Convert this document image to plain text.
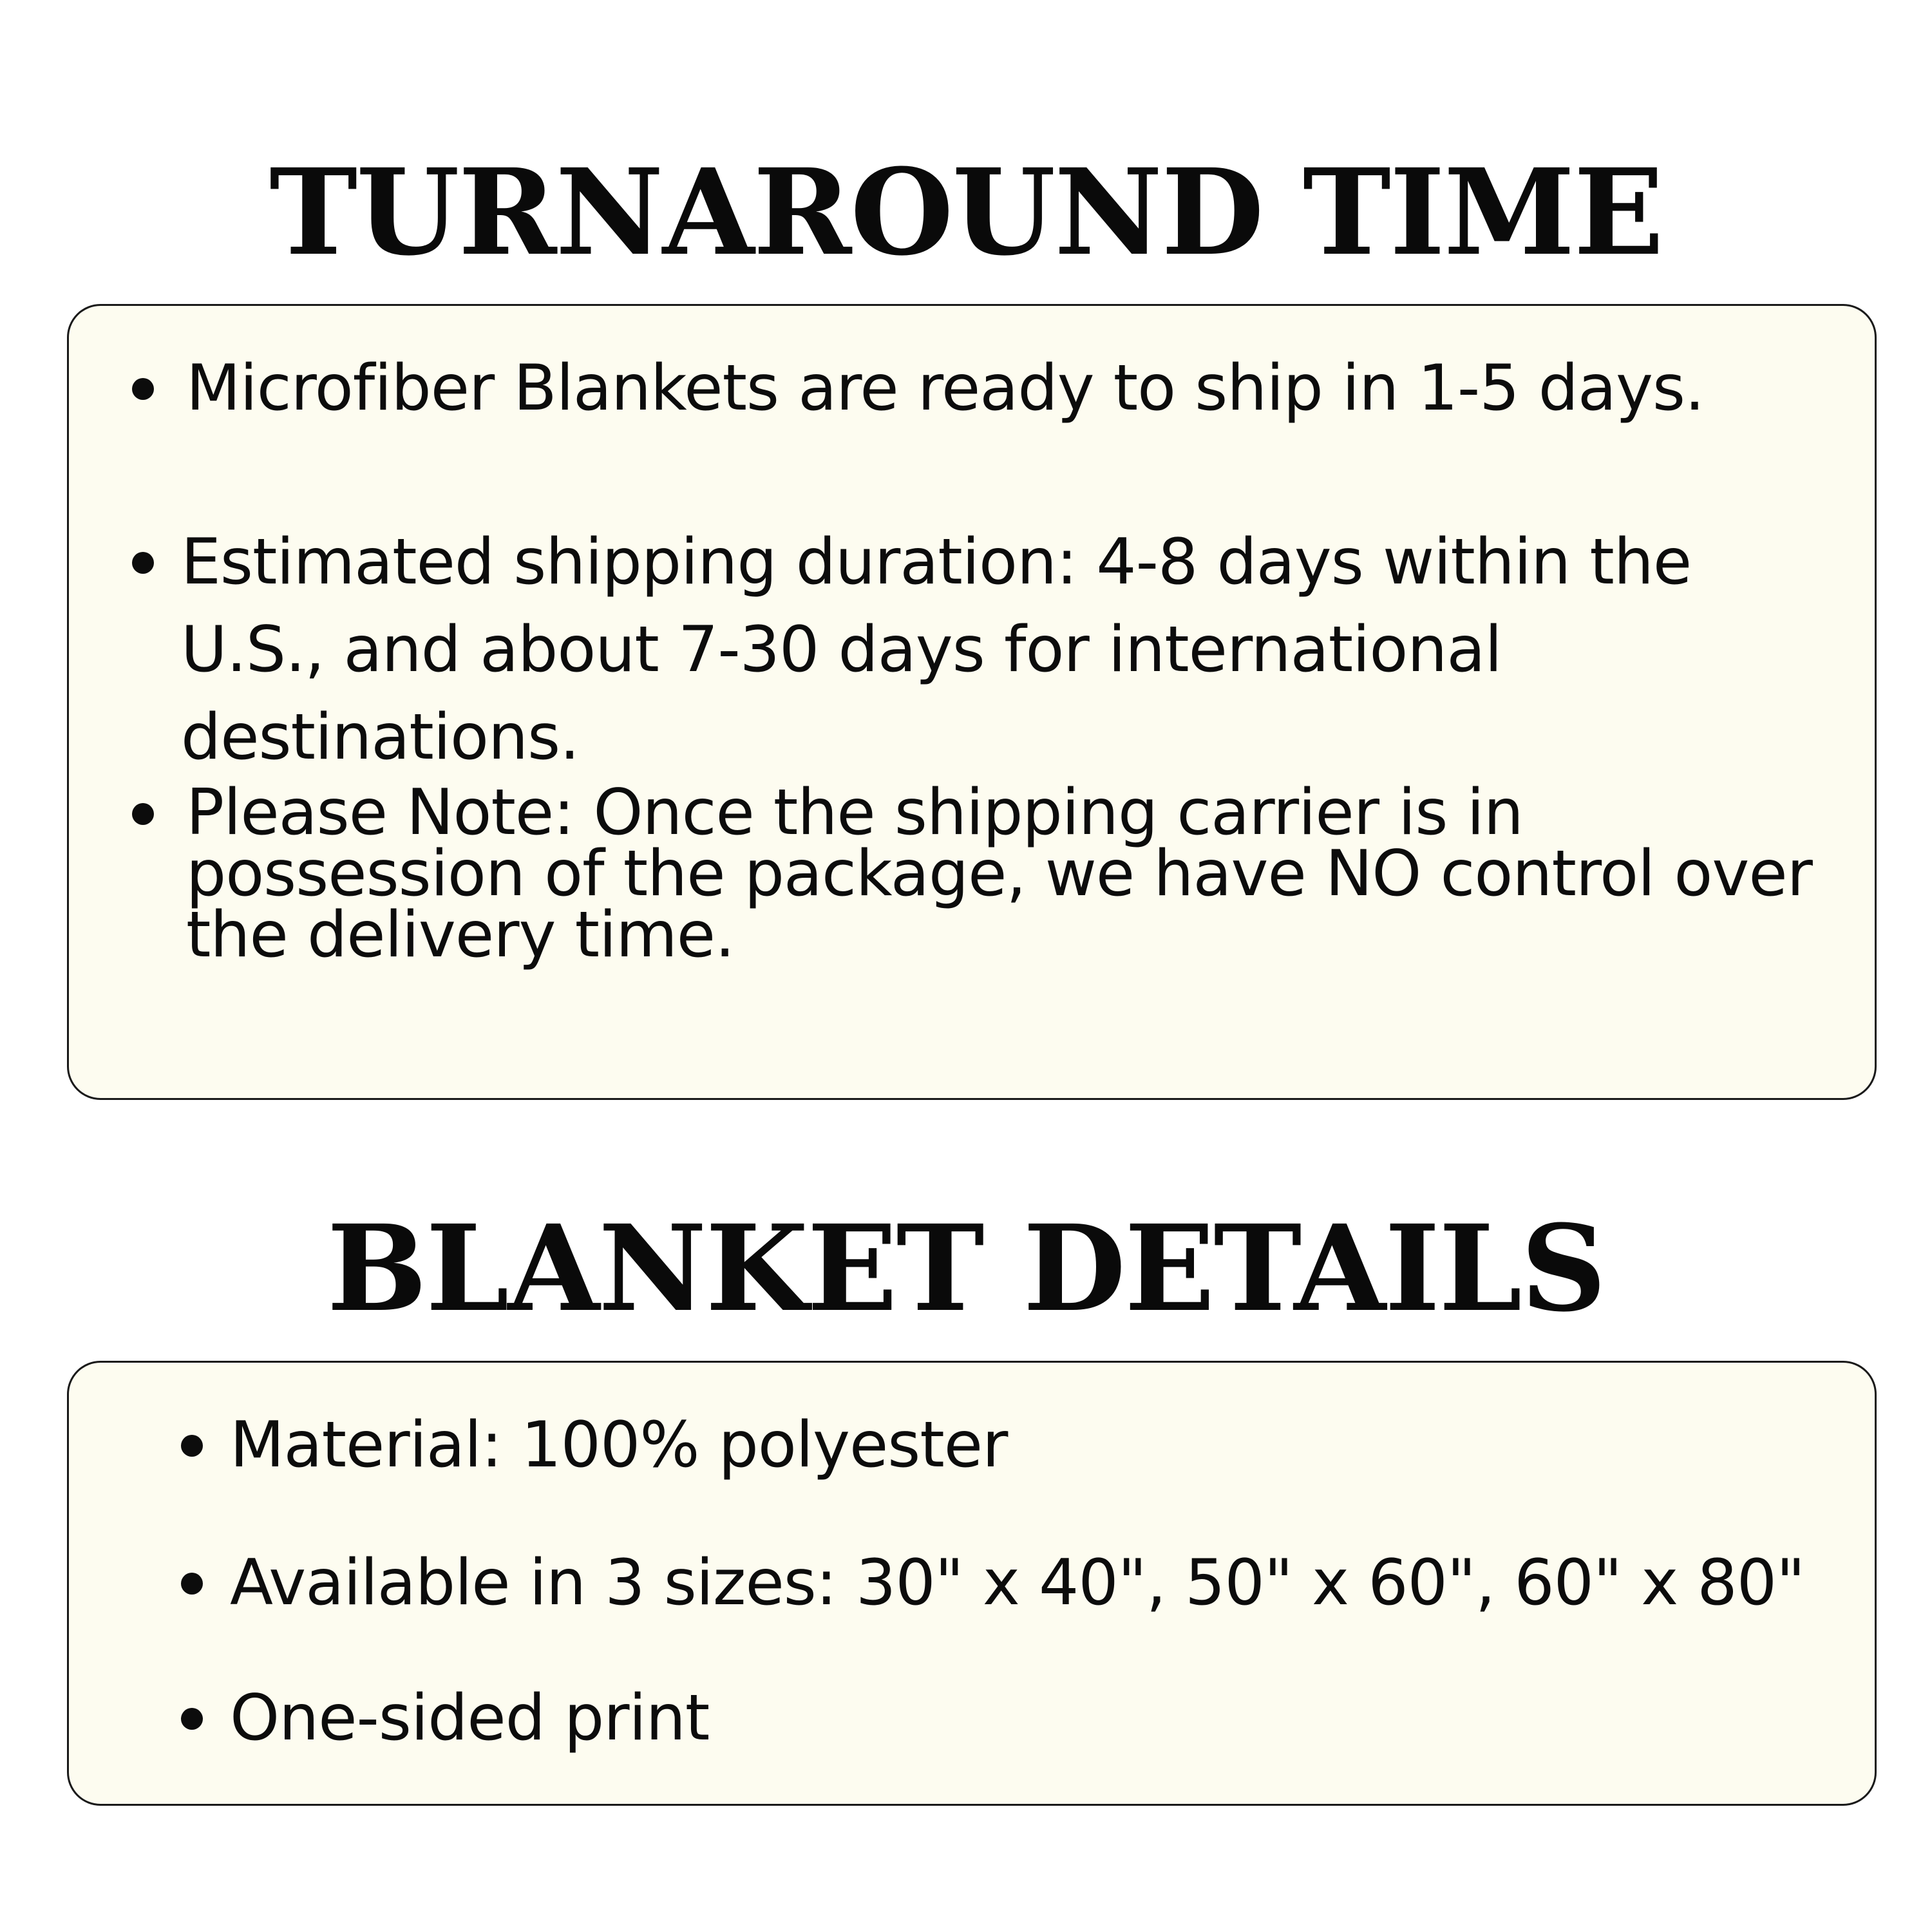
TURNAROUND TIME
Microfiber Blankets are ready to ship in 1-5 days.
Estimated shipping duration: 4-8 days within the U.S., and about 7-30 days for international destinations.
Please Note: Once the shipping carrier is in possession of the package, we have NO control over the delivery time.
BLANKET DETAILS
Material: 100% polyester
Available in 3 sizes: 30" x 40", 50" x 60", 60" x 80"
One-sided print
